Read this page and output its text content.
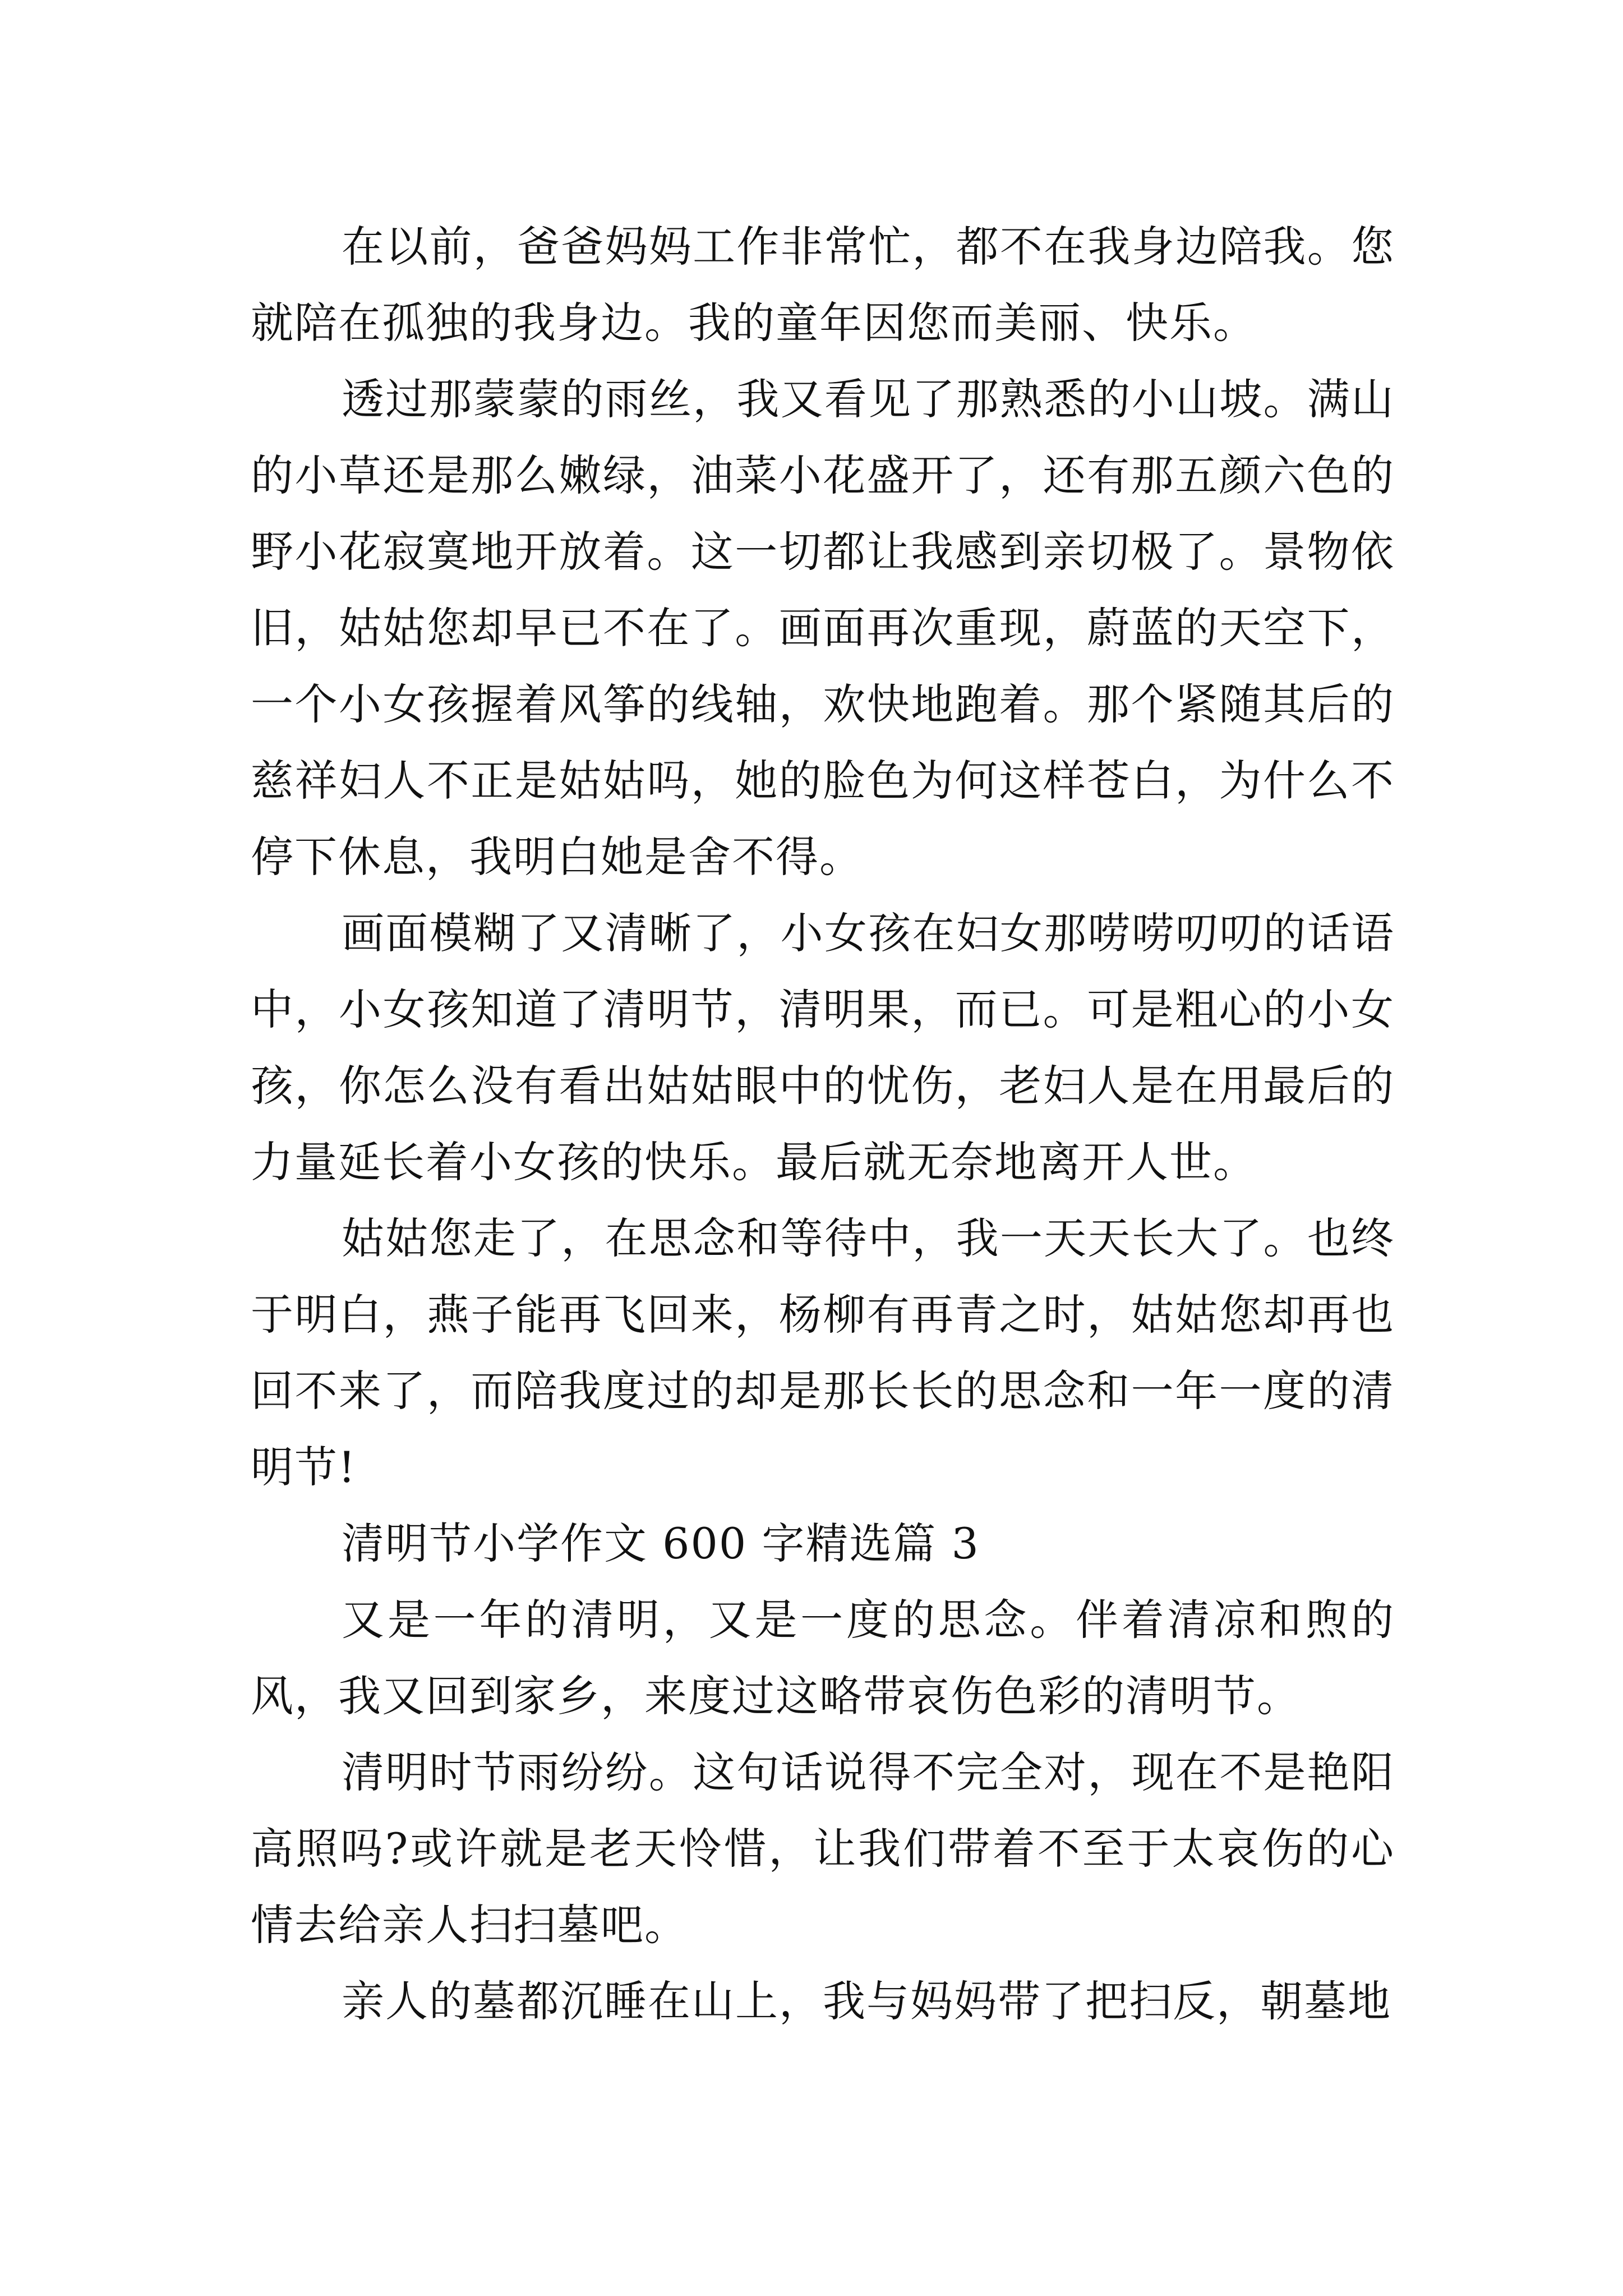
在以前，爸爸妈妈工作非常忙，都不在我身边陪我。您就陪在孤独的我身边。我的童年因您而美丽、快乐。

透过那蒙蒙的雨丝，我又看见了那熟悉的小山坡。满山的小草还是那么嫩绿，油菜小花盛开了，还有那五颜六色的野小花寂寞地开放着。这一切都让我感到亲切极了。景物依旧，姑姑您却早已不在了。画面再次重现，蔚蓝的天空下，一个小女孩握着风筝的线轴，欢快地跑着。那个紧随其后的慈祥妇人不正是姑姑吗，她的脸色为何这样苍白，为什么不停下休息，我明白她是舍不得。

画面模糊了又清晰了，小女孩在妇女那唠唠叨叨的话语中，小女孩知道了清明节，清明果，而已。可是粗心的小女孩，你怎么没有看出姑姑眼中的忧伤，老妇人是在用最后的力量延长着小女孩的快乐。最后就无奈地离开人世。

姑姑您走了，在思念和等待中，我一天天长大了。也终于明白，燕子能再飞回来，杨柳有再青之时，姑姑您却再也回不来了，而陪我度过的却是那长长的思念和一年一度的清明节!

清明节小学作文 600 字精选篇 3

又是一年的清明，又是一度的思念。伴着清凉和煦的风，我又回到家乡，来度过这略带哀伤色彩的清明节。

清明时节雨纷纷。这句话说得不完全对，现在不是艳阳高照吗?或许就是老天怜惜，让我们带着不至于太哀伤的心情去给亲人扫扫墓吧。

亲人的墓都沉睡在山上，我与妈妈带了把扫反，朝墓地
